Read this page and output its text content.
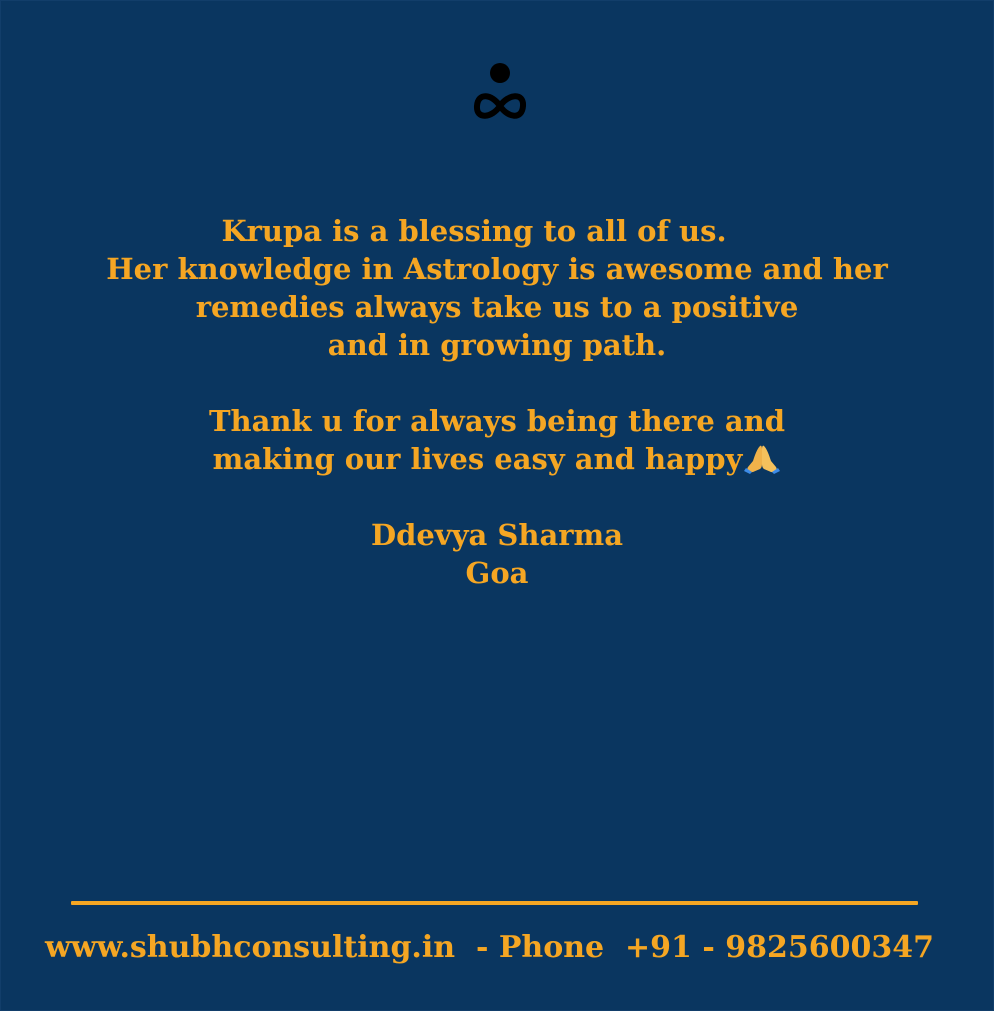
Krupa is a blessing to all of us.
Her knowledge in Astrology is awesome and her
remedies always take us to a positive
and in growing path.
Thank u for always being there and
making our lives easy and happy
Ddevya Sharma
Goa
www.shubhconsulting.in  - Phone  +91 - 9825600347
